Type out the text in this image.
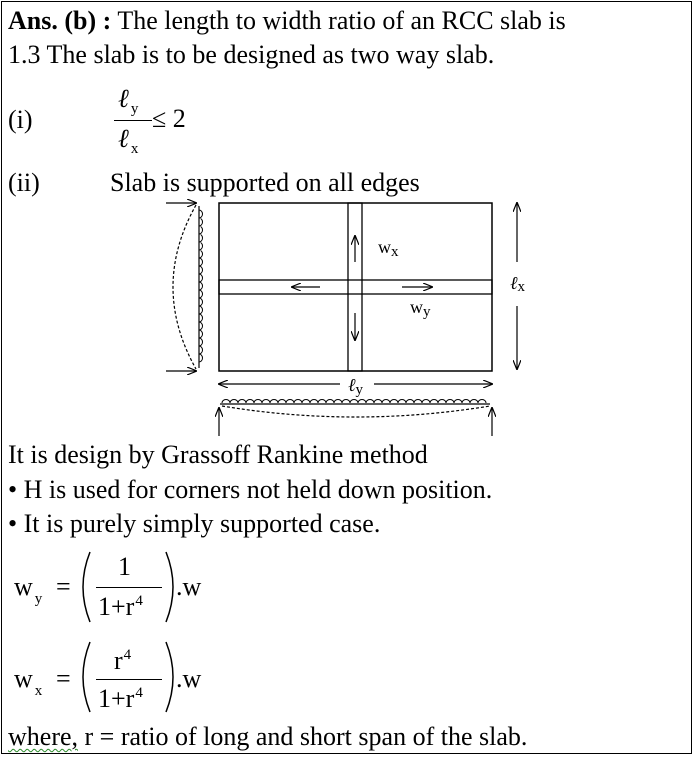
Ans. (b) : The length to width ratio of an RCC slab is
1.3 The slab is to be designed as two way slab.
(i)
ℓ $_y$
ℓ $_x$
≤ 2
(ii)	Slab is supported on all edges
wx
wy
ℓx
ℓy
It is design by Grassoff Rankine method
• H is used for corners not held down position.
• It is purely simply supported case.
w $_y$ =
1
$1+r^4$ .w
w $_x$ =
$r^4$
$1+r^4$ .w
where, r = ratio of long and short span of the slab.
